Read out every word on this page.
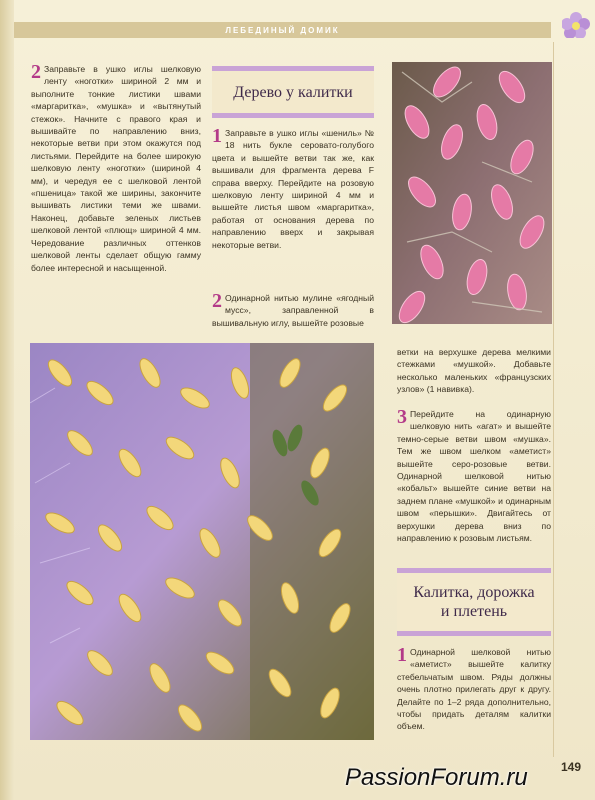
ЛЕБЕДИНЫЙ ДОМИК
2 Заправьте в ушко иглы шелковую ленту «ноготки» шириной 2 мм и выполните тонкие листики швами «маргаритка», «мушка» и «вытянутый стежок». Начните с правого края и вышивайте по направлению вниз, некоторые ветви при этом окажутся под листьями. Перейдите на более широкую шелковую ленту «ноготки» (шириной 4 мм), и чередуя ее с шелковой лентой «пшеница» такой же ширины, закончите вышивать листики теми же швами. Наконец, добавьте зеленых листьев шелковой лентой «плющ» шириной 4 мм. Чередование различных оттенков шелковой ленты сделает общую гамму более интересной и насыщенной.
Дерево у калитки
1 Заправьте в ушко иглы «шениль» № 18 нить букле серовато-голубого цвета и вышейте ветви так же, как вышивали для фрагмента дерева F справа вверху. Перейдите на розовую шелковую ленту шириной 4 мм и вышейте листья швом «маргаритка», работая от основания дерева по направлению вверх и закрывая некоторые ветви.
2 Одинарной нитью мулине «ягодный мусс», заправленной в вышивальную иглу, вышейте розовые
ветки на верхушке дерева мелкими стежками «мушкой». Добавьте несколько маленьких «французских узлов» (1 навивка).
3 Перейдите на одинарную шелковую нить «агат» и вышейте темно-серые ветви швом «мушка». Тем же швом шелком «аметист» вышейте серо-розовые ветви. Одинарной шелковой нитью «кобальт» вышейте синие ветви на заднем плане «мушкой» и одинарным швом «перышки». Двигайтесь от верхушки дерева вниз по направлению к розовым листьям.
Калитка, дорожка
и плетень
1 Одинарной шелковой нитью «аметист» вышейте калитку стебельчатым швом. Ряды должны очень плотно прилегать друг к другу. Делайте по 1–2 ряда дополнительно, чтобы придать деталям калитки объем.
PassionForum.ru	149
